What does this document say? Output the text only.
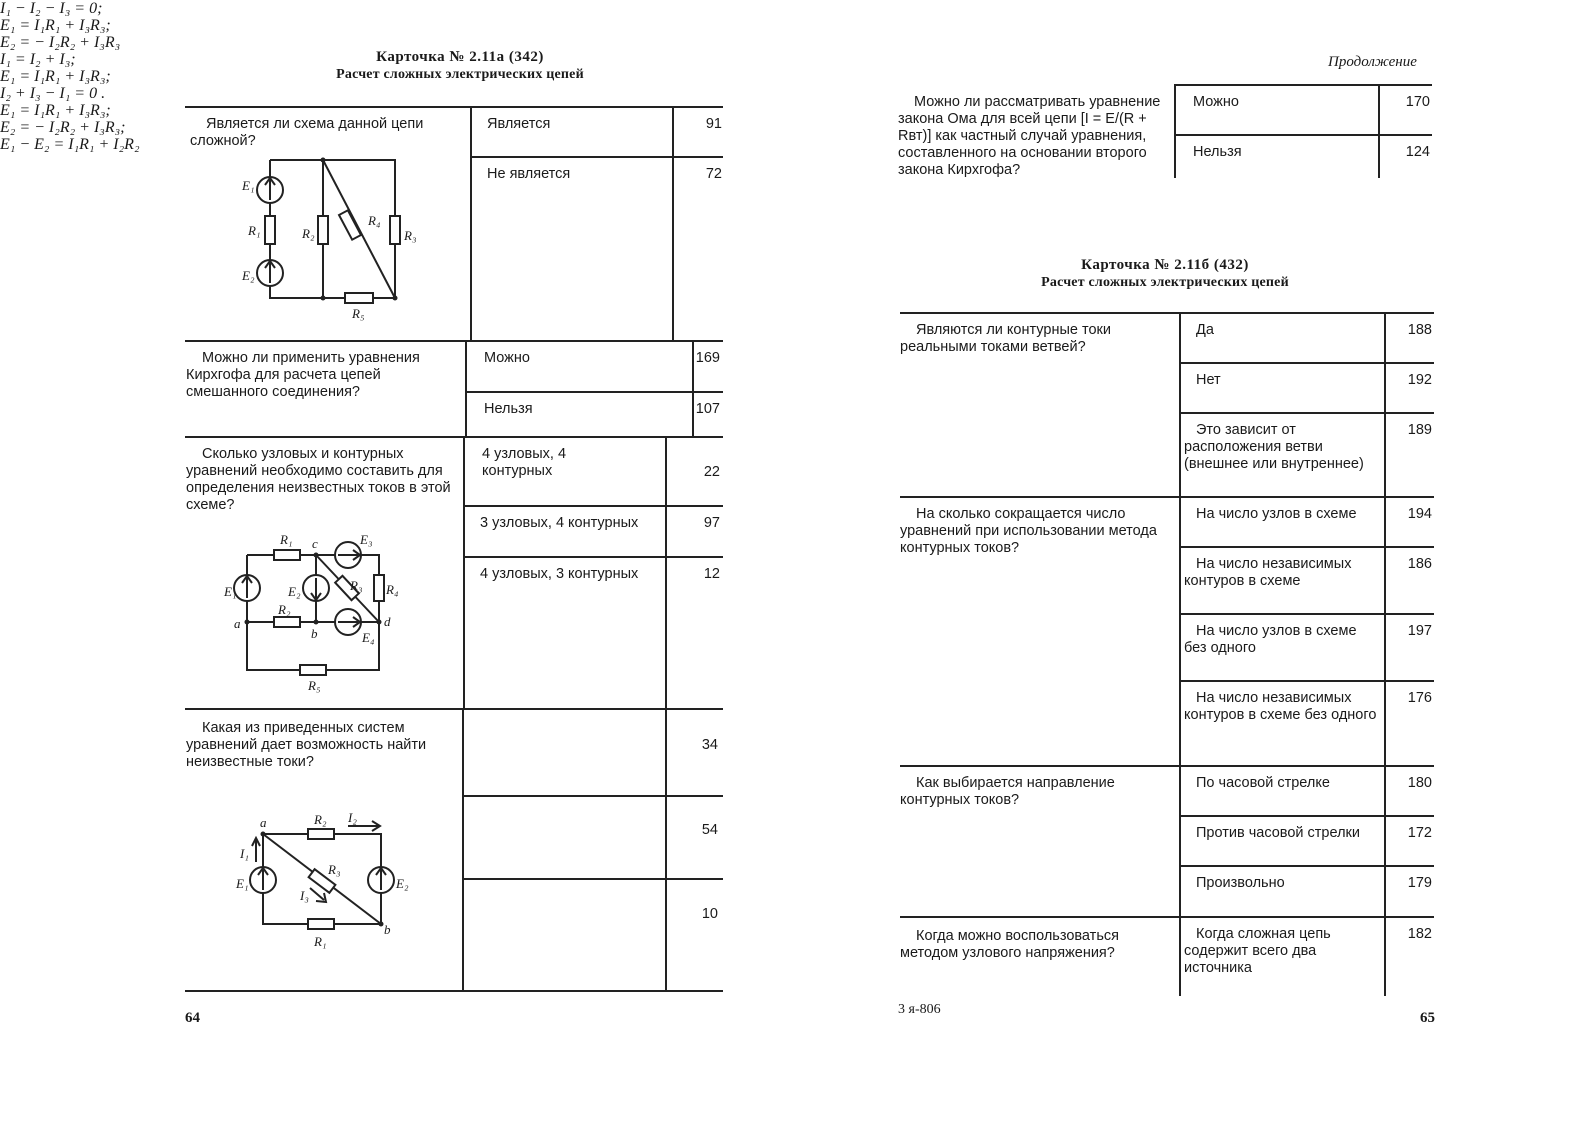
Карточка № 2.11а (342)
Расчет сложных электрических цепей
Является ли схема данной цепи сложной?
Является	91
Не является	72
E₁
E₂
R₁	R₂
R₄
R₃
R₅
Можно ли применить уравнения Кирхгофа для расчета цепей смешанного соединения?
Можно	169
Нельзя	107
Сколько узловых и контурных уравнений необходимо составить для определения неизвестных токов в этой схеме?
4 узловых, 4 контурных	22
3 узловых, 4 контурных	97
4 узловых, 3 контурных	12
R₁ c	E₃
E₁	E₂	R₃ R₄
R₂
a
b
d
E₄
R₅
Какая из приведенных систем уравнений дает возможность найти неизвестные токи?
I₁ − I₂ − I₃ = 0;
E₁ = I₁R₁ + I₃R₃;
E₂ = − I₂R₂ + I₃R₃
34
I₁ = I₂ + I₃;
E₁ = I₁R₁ + I₃R₃;
I₂ + I₃ − I₁ = 0 .
54
E₁ = I₁R₁ + I₃R₃;
E₂ = − I₂R₂ + I₃R₃;
E₁ − E₂ = I₁R₁ + I₂R₂
10
a	R₂ I₂
I₁
E₁
R₃
I₃
E₂
b
R₁
64
Продолжение
Можно ли рассматривать уравнение закона Ома для всей цепи [I = E/(R + Rвт)] как частный случай уравнения, составленного на основании второго закона Кирхгофа?
Можно	170
Нельзя	124
Карточка № 2.11б (432)
Расчет сложных электрических цепей
Являются ли контурные токи реальными токами ветвей?
Да	188
Нет	192
Это зависит от расположения ветви (внешнее или внутреннее)
189
На сколько сокращается число уравнений при использовании метода контурных токов?
На число узлов в схеме	194
На число независимых контуров в схеме
186
На число узлов в схеме без одного
197
На число независимых контуров в схеме без одного
176
Как выбирается направление контурных токов?
По часовой стрелке	180
Против часовой стрелки	172
Произвольно	179
Когда можно воспользоваться методом узлового напряжения?
Когда сложная цепь содержит всего два источника
182
3 я-806
65
